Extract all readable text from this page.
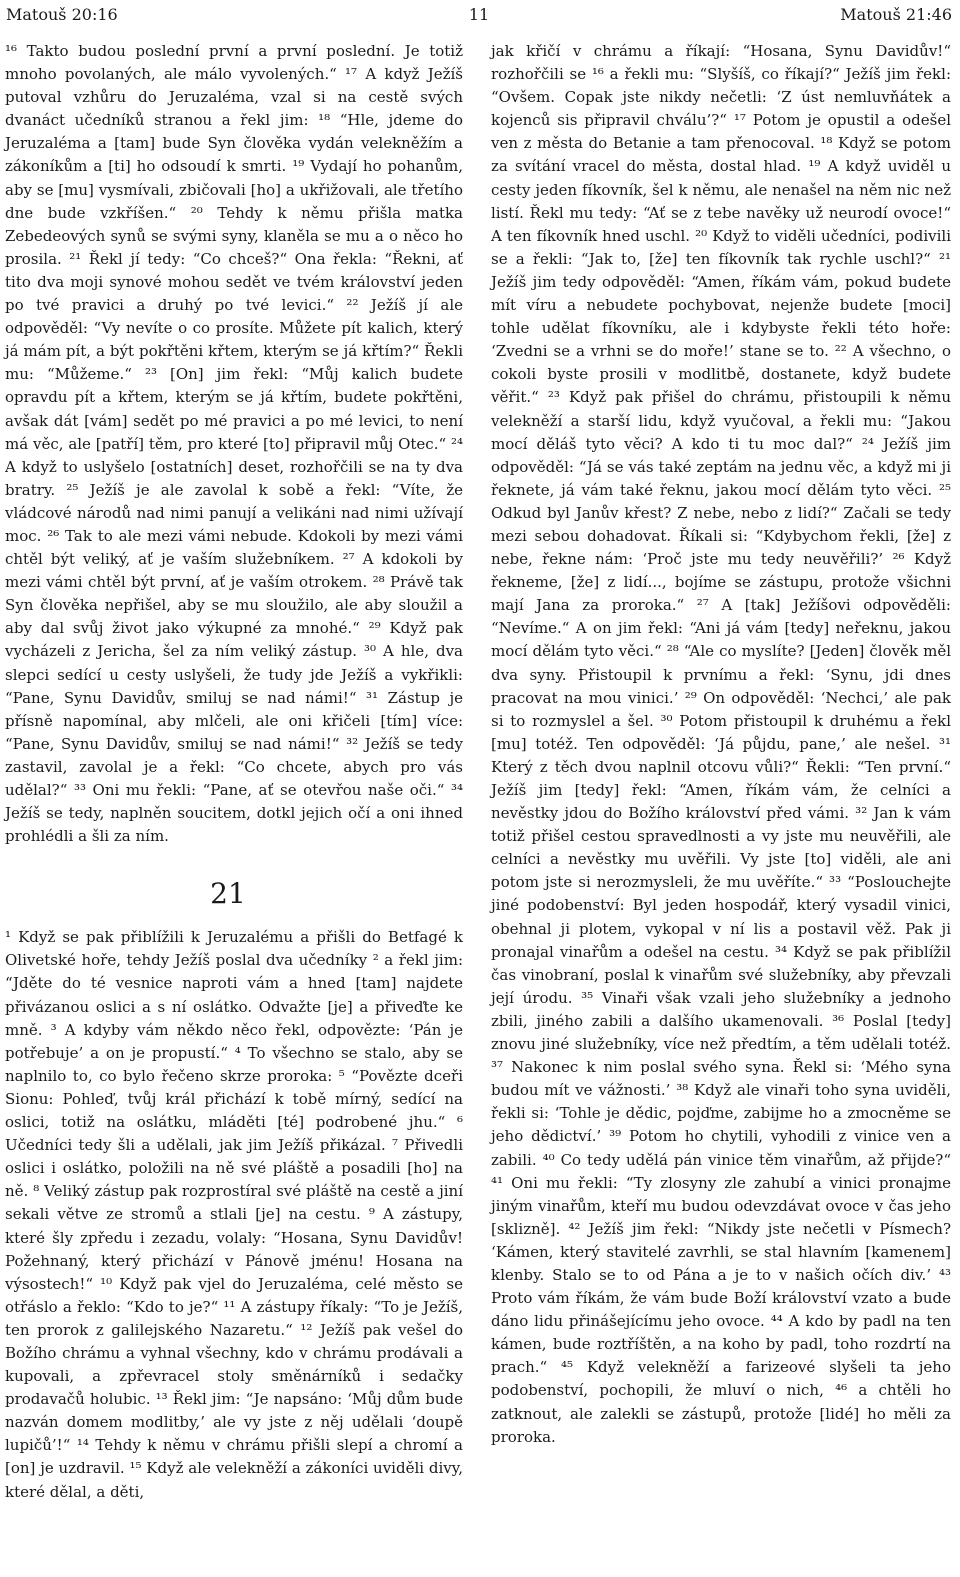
Matouš 20:16	11	Matouš 21:46

¹⁶ Takto budou poslední první a první poslední. Je totiž mnoho povolaných, ale málo vyvolených.“ ¹⁷ A když Ježíš putoval vzhůru do Jeruzaléma, vzal si na cestě svých dvanáct učedníků stranou a řekl jim: ¹⁸ “Hle, jdeme do Jeruzaléma a [tam] bude Syn člověka vydán velekněžím a zákoníkům a [ti] ho odsoudí k smrti. ¹⁹ Vydají ho pohanům, aby se [mu] vysmívali, zbičovali [ho] a ukřižovali, ale třetího dne bude vzkříšen.“ ²⁰ Tehdy k němu přišla matka Zebedeových synů se svými syny, klaněla se mu a o něco ho prosila. ²¹ Řekl jí tedy: “Co chceš?“ Ona řekla: “Řekni, ať tito dva moji synové mohou sedět ve tvém království jeden po tvé pravici a druhý po tvé levici.“ ²² Ježíš jí ale odpověděl: “Vy nevíte o co prosíte. Můžete pít kalich, který já mám pít, a být pokřtěni křtem, kterým se já křtím?“ Řekli mu: “Můžeme.“ ²³ [On] jim řekl: “Můj kalich budete opravdu pít a křtem, kterým se já křtím, budete pokřtěni, avšak dát [vám] sedět po mé pravici a po mé levici, to není má věc, ale [patří] těm, pro které [to] připravil můj Otec.“ ²⁴ A když to uslyšelo [ostatních] deset, rozhořčili se na ty dva bratry. ²⁵ Ježíš je ale zavolal k sobě a řekl: “Víte, že vládcové národů nad nimi panují a velikáni nad nimi užívají moc. ²⁶ Tak to ale mezi vámi nebude. Kdokoli by mezi vámi chtěl být veliký, ať je vaším služebníkem. ²⁷ A kdokoli by mezi vámi chtěl být první, ať je vaším otrokem. ²⁸ Právě tak Syn člověka nepřišel, aby se mu sloužilo, ale aby sloužil a aby dal svůj život jako výkupné za mnohé.“ ²⁹ Když pak vycházeli z Jericha, šel za ním veliký zástup. ³⁰ A hle, dva slepci sedící u cesty uslyšeli, že tudy jde Ježíš a vykřikli: “Pane, Synu Davidův, smiluj se nad námi!“ ³¹ Zástup je přísně napomínal, aby mlčeli, ale oni křičeli [tím] více: “Pane, Synu Davidův, smiluj se nad námi!“ ³² Ježíš se tedy zastavil, zavolal je a řekl: “Co chcete, abych pro vás udělal?“ ³³ Oni mu řekli: “Pane, ať se otevřou naše oči.“ ³⁴ Ježíš se tedy, naplněn soucitem, dotkl jejich očí a oni ihned prohlédli a šli za ním.

21

¹ Když se pak přiblížili k Jeruzalému a přišli do Betfagé k Olivetské hoře, tehdy Ježíš poslal dva učedníky ² a řekl jim: “Jděte do té vesnice naproti vám a hned [tam] najdete přivázanou oslici a s ní oslátko. Odvažte [je] a přiveďte ke mně. ³ A kdyby vám někdo něco řekl, odpovězte: ‘Pán je potřebuje’ a on je propustí.“ ⁴ To všechno se stalo, aby se naplnilo to, co bylo řečeno skrze proroka: ⁵ “Povězte dceři Sionu: Pohleď, tvůj král přichází k tobě mírný, sedící na oslici, totiž na oslátku, mláděti [té] podrobené jhu.“ ⁶ Učedníci tedy šli a udělali, jak jim Ježíš přikázal. ⁷ Přivedli oslici i oslátko, položili na ně své pláště a posadili [ho] na ně. ⁸ Veliký zástup pak rozprostíral své pláště na cestě a jiní sekali větve ze stromů a stlali [je] na cestu. ⁹ A zástupy, které šly zpředu i zezadu, volaly: “Hosana, Synu Davidův! Požehnaný, který přichází v Pánově jménu! Hosana na výsostech!“ ¹⁰ Když pak vjel do Jeruzaléma, celé město se otřáslo a řeklo: “Kdo to je?“ ¹¹ A zástupy říkaly: “To je Ježíš, ten prorok z galilejského Nazaretu.“ ¹² Ježíš pak vešel do Božího chrámu a vyhnal všechny, kdo v chrámu prodávali a kupovali, a zpřevracel stoly směnárníků i sedačky prodavačů holubic. ¹³ Řekl jim: “Je napsáno: ‘Můj dům bude nazván domem modlitby,’ ale vy jste z něj udělali ‘doupě lupičů’!“ ¹⁴ Tehdy k němu v chrámu přišli slepí a chromí a [on] je uzdravil. ¹⁵ Když ale velekněží a zákoníci uviděli divy, které dělal, a děti,

jak křičí v chrámu a říkají: “Hosana, Synu Davidův!“ rozhořčili se ¹⁶ a řekli mu: “Slyšíš, co říkají?“ Ježíš jim řekl: “Ovšem. Copak jste nikdy nečetli: ‘Z úst nemluvňátek a kojenců sis připravil chválu’?“ ¹⁷ Potom je opustil a odešel ven z města do Betanie a tam přenocoval. ¹⁸ Když se potom za svítání vracel do města, dostal hlad. ¹⁹ A když uviděl u cesty jeden fíkovník, šel k němu, ale nenašel na něm nic než listí. Řekl mu tedy: “Ať se z tebe navěky už neurodí ovoce!“ A ten fíkovník hned uschl. ²⁰ Když to viděli učedníci, podivili se a řekli: “Jak to, [že] ten fíkovník tak rychle uschl?“ ²¹ Ježíš jim tedy odpověděl: “Amen, říkám vám, pokud budete mít víru a nebudete pochybovat, nejenže budete [moci] tohle udělat fíkovníku, ale i kdybyste řekli této hoře: ‘Zvedni se a vrhni se do moře!’ stane se to. ²² A všechno, o cokoli byste prosili v modlitbě, dostanete, když budete věřit.“ ²³ Když pak přišel do chrámu, přistoupili k němu velekněží a starší lidu, když vyučoval, a řekli mu: “Jakou mocí děláš tyto věci? A kdo ti tu moc dal?“ ²⁴ Ježíš jim odpověděl: “Já se vás také zeptám na jednu věc, a když mi ji řeknete, já vám také řeknu, jakou mocí dělám tyto věci. ²⁵ Odkud byl Janův křest? Z nebe, nebo z lidí?“ Začali se tedy mezi sebou dohadovat. Říkali si: “Kdybychom řekli, [že] z nebe, řekne nám: ‘Proč jste mu tedy neuvěřili?’ ²⁶ Když řekneme, [že] z lidí..., bojíme se zástupu, protože všichni mají Jana za proroka.“ ²⁷ A [tak] Ježíšovi odpověděli: “Nevíme.“ A on jim řekl: “Ani já vám [tedy] neřeknu, jakou mocí dělám tyto věci.“ ²⁸ “Ale co myslíte? [Jeden] člověk měl dva syny. Přistoupil k prvnímu a řekl: ‘Synu, jdi dnes pracovat na mou vinici.’ ²⁹ On odpověděl: ‘Nechci,’ ale pak si to rozmyslel a šel. ³⁰ Potom přistoupil k druhému a řekl [mu] totéž. Ten odpověděl: ‘Já půjdu, pane,’ ale nešel. ³¹ Který z těch dvou naplnil otcovu vůli?“ Řekli: “Ten první.“ Ježíš jim [tedy] řekl: “Amen, říkám vám, že celníci a nevěstky jdou do Božího království před vámi. ³² Jan k vám totiž přišel cestou spravedlnosti a vy jste mu neuvěřili, ale celníci a nevěstky mu uvěřili. Vy jste [to] viděli, ale ani potom jste si nerozmysleli, že mu uvěříte.“ ³³ “Poslouchejte jiné podobenství: Byl jeden hospodář, který vysadil vinici, obehnal ji plotem, vykopal v ní lis a postavil věž. Pak ji pronajal vinařům a odešel na cestu. ³⁴ Když se pak přiblížil čas vinobraní, poslal k vinařům své služebníky, aby převzali její úrodu. ³⁵ Vinaři však vzali jeho služebníky a jednoho zbili, jiného zabili a dalšího ukamenovali. ³⁶ Poslal [tedy] znovu jiné služebníky, více než předtím, a těm udělali totéž. ³⁷ Nakonec k nim poslal svého syna. Řekl si: ‘Mého syna budou mít ve vážnosti.’ ³⁸ Když ale vinaři toho syna uviděli, řekli si: ‘Tohle je dědic, pojďme, zabijme ho a zmocněme se jeho dědictví.’ ³⁹ Potom ho chytili, vyhodili z vinice ven a zabili. ⁴⁰ Co tedy udělá pán vinice těm vinařům, až přijde?“ ⁴¹ Oni mu řekli: “Ty zlosyny zle zahubí a vinici pronajme jiným vinařům, kteří mu budou odevzdávat ovoce v čas jeho [sklizně]. ⁴² Ježíš jim řekl: “Nikdy jste nečetli v Písmech? ‘Kámen, který stavitelé zavrhli, se stal hlavním [kamenem] klenby. Stalo se to od Pána a je to v našich očích div.’ ⁴³ Proto vám říkám, že vám bude Boží království vzato a bude dáno lidu přinášejícímu jeho ovoce. ⁴⁴ A kdo by padl na ten kámen, bude roztříštěn, a na koho by padl, toho rozdrtí na prach.“ ⁴⁵ Když velekněží a farizeové slyšeli ta jeho podobenství, pochopili, že mluví o nich, ⁴⁶ a chtěli ho zatknout, ale zalekli se zástupů, protože [lidé] ho měli za proroka.
